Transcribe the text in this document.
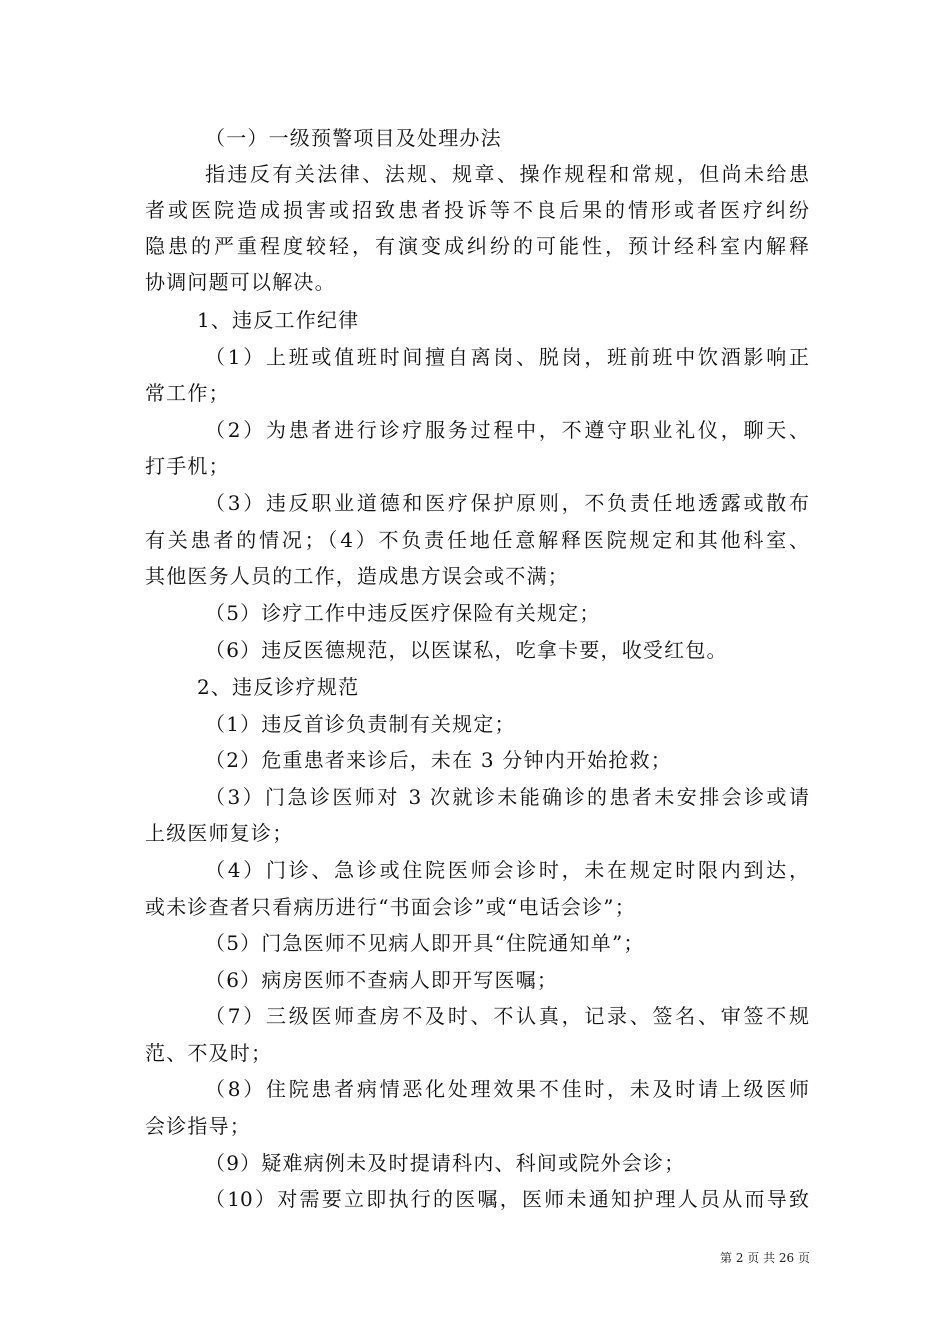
（一）一级预警项目及处理办法
指违反有关法律、法规、规章、操作规程和常规，但尚未给患
者或医院造成损害或招致患者投诉等不良后果的情形或者医疗纠纷
隐患的严重程度较轻，有演变成纠纷的可能性，预计经科室内解释
协调问题可以解决。
1、违反工作纪律
（1）上班或值班时间擅自离岗、脱岗，班前班中饮酒影响正
常工作；
（2）为患者进行诊疗服务过程中，不遵守职业礼仪，聊天、
打手机；
（3）违反职业道德和医疗保护原则，不负责任地透露或散布
有关患者的情况；（4）不负责任地任意解释医院规定和其他科室、
其他医务人员的工作，造成患方误会或不满；
（5）诊疗工作中违反医疗保险有关规定；
（6）违反医德规范，以医谋私，吃拿卡要，收受红包。
2、违反诊疗规范
（1）违反首诊负责制有关规定；
（2）危重患者来诊后，未在 3 分钟内开始抢救；
（3）门急诊医师对 3 次就诊未能确诊的患者未安排会诊或请
上级医师复诊；
（4）门诊、急诊或住院医师会诊时，未在规定时限内到达，
或未诊查者只看病历进行“书面会诊”或“电话会诊”；
（5）门急医师不见病人即开具“住院通知单”；
（6）病房医师不查病人即开写医嘱；
（7）三级医师查房不及时、不认真，记录、签名、审签不规
范、不及时；
（8）住院患者病情恶化处理效果不佳时，未及时请上级医师
会诊指导；
（9）疑难病例未及时提请科内、科间或院外会诊；
（10）对需要立即执行的医嘱，医师未通知护理人员从而导致
第 2 页 共 26 页
